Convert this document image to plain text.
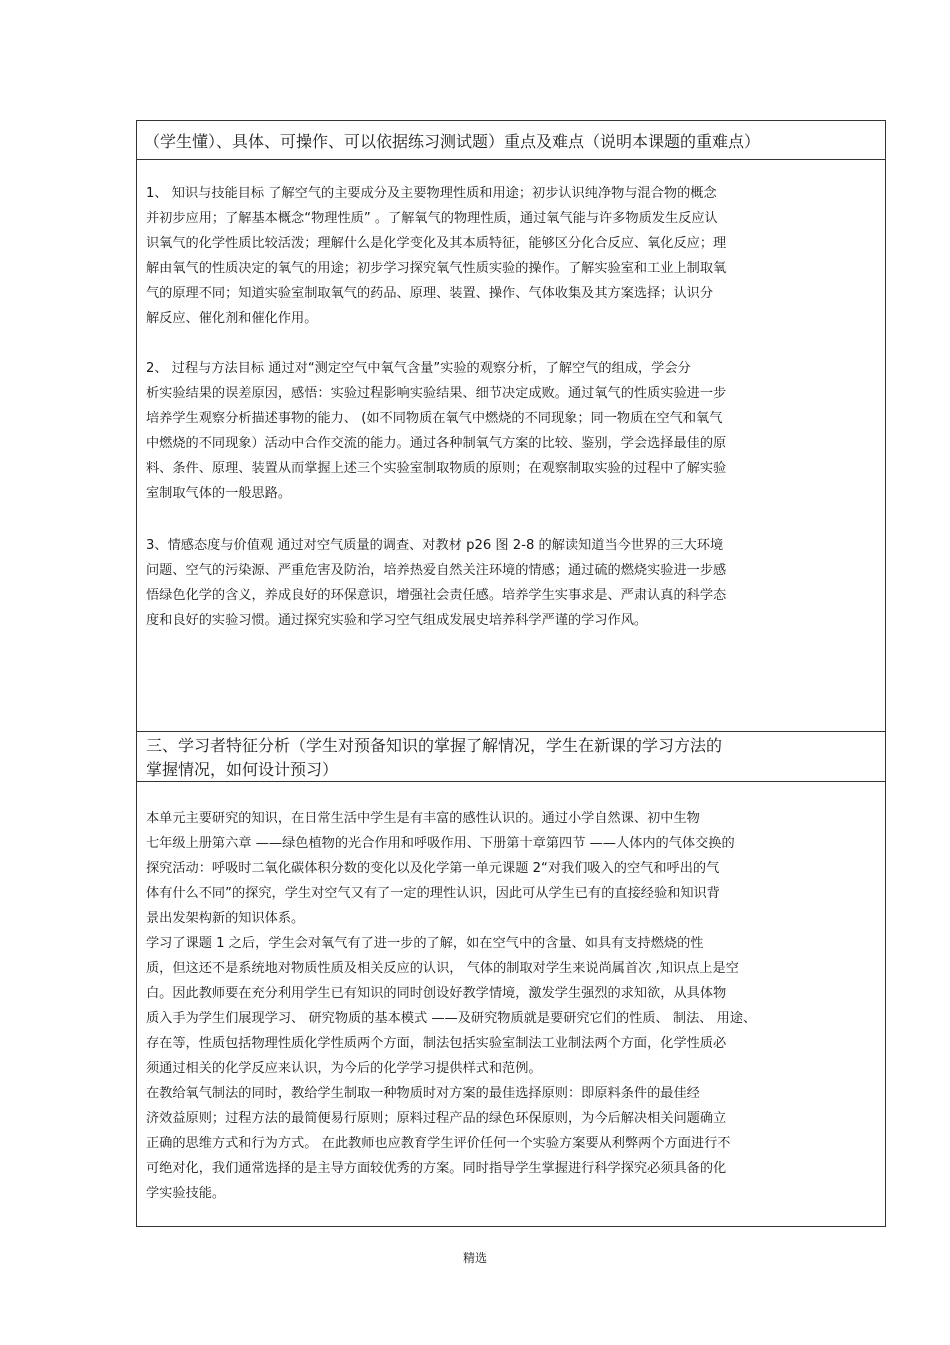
（学生懂）、具体、可操作、可以依据练习测试题）重点及难点（说明本课题的重难点）
1、 知识与技能目标 了解空气的主要成分及主要物理性质和用途；初步认识纯净物与混合物的概念
并初步应用；了解基本概念“物理性质” 。了解氧气的物理性质，通过氧气能与许多物质发生反应认
识氧气的化学性质比较活泼；理解什么是化学变化及其本质特征，能够区分化合反应、氧化反应；理
解由氧气的性质决定的氧气的用途；初步学习探究氧气性质实验的操作。了解实验室和工业上制取氧
气的原理不同；知道实验室制取氧气的药品、原理、装置、操作、气体收集及其方案选择；认识分
解反应、催化剂和催化作用。
2、 过程与方法目标 通过对“测定空气中氧气含量”实验的观察分析，了解空气的组成，学会分
析实验结果的误差原因，感悟：实验过程影响实验结果、细节决定成败。通过氧气的性质实验进一步
培养学生观察分析描述事物的能力、 (如不同物质在氧气中燃烧的不同现象；同一物质在空气和氧气
中燃烧的不同现象）活动中合作交流的能力。通过各种制氧气方案的比较、鉴别，学会选择最佳的原
料、条件、原理、装置从而掌握上述三个实验室制取物质的原则；在观察制取实验的过程中了解实验
室制取气体的一般思路。
3、情感态度与价值观 通过对空气质量的调查、对教材 p26 图 2-8 的解读知道当今世界的三大环境
问题、空气的污染源、严重危害及防治，培养热爱自然关注环境的情感；通过硫的燃烧实验进一步感
悟绿色化学的含义，养成良好的环保意识，增强社会责任感。培养学生实事求是、严肃认真的科学态
度和良好的实验习惯。通过探究实验和学习空气组成发展史培养科学严谨的学习作风。
三、学习者特征分析（学生对预备知识的掌握了解情况，学生在新课的学习方法的
掌握情况，如何设计预习）
本单元主要研究的知识，在日常生活中学生是有丰富的感性认识的。通过小学自然课、初中生物
七年级上册第六章 ——绿色植物的光合作用和呼吸作用、下册第十章第四节 ——人体内的气体交换的
探究活动：呼吸时二氧化碳体积分数的变化以及化学第一单元课题 2“对我们吸入的空气和呼出的气
体有什么不同”的探究，学生对空气又有了一定的理性认识，因此可从学生已有的直接经验和知识背
景出发架构新的知识体系。
学习了课题 1 之后，学生会对氧气有了进一步的了解，如在空气中的含量、如具有支持燃烧的性
质，但这还不是系统地对物质性质及相关反应的认识， 气体的制取对学生来说尚属首次 ,知识点上是空
白。因此教师要在充分利用学生已有知识的同时创设好教学情境，激发学生强烈的求知欲，从具体物
质入手为学生们展现学习、 研究物质的基本模式 ——及研究物质就是要研究它们的性质、 制法、 用途、
存在等，性质包括物理性质化学性质两个方面，制法包括实验室制法工业制法两个方面，化学性质必
须通过相关的化学反应来认识，为今后的化学学习提供样式和范例。
在教给氧气制法的同时，教给学生制取一种物质时对方案的最佳选择原则：即原料条件的最佳经
济效益原则；过程方法的最简便易行原则；原料过程产品的绿色环保原则，为今后解决相关问题确立
正确的思维方式和行为方式。 在此教师也应教育学生评价任何一个实验方案要从利弊两个方面进行不
可绝对化，我们通常选择的是主导方面较优秀的方案。同时指导学生掌握进行科学探究必须具备的化
学实验技能。
精选
